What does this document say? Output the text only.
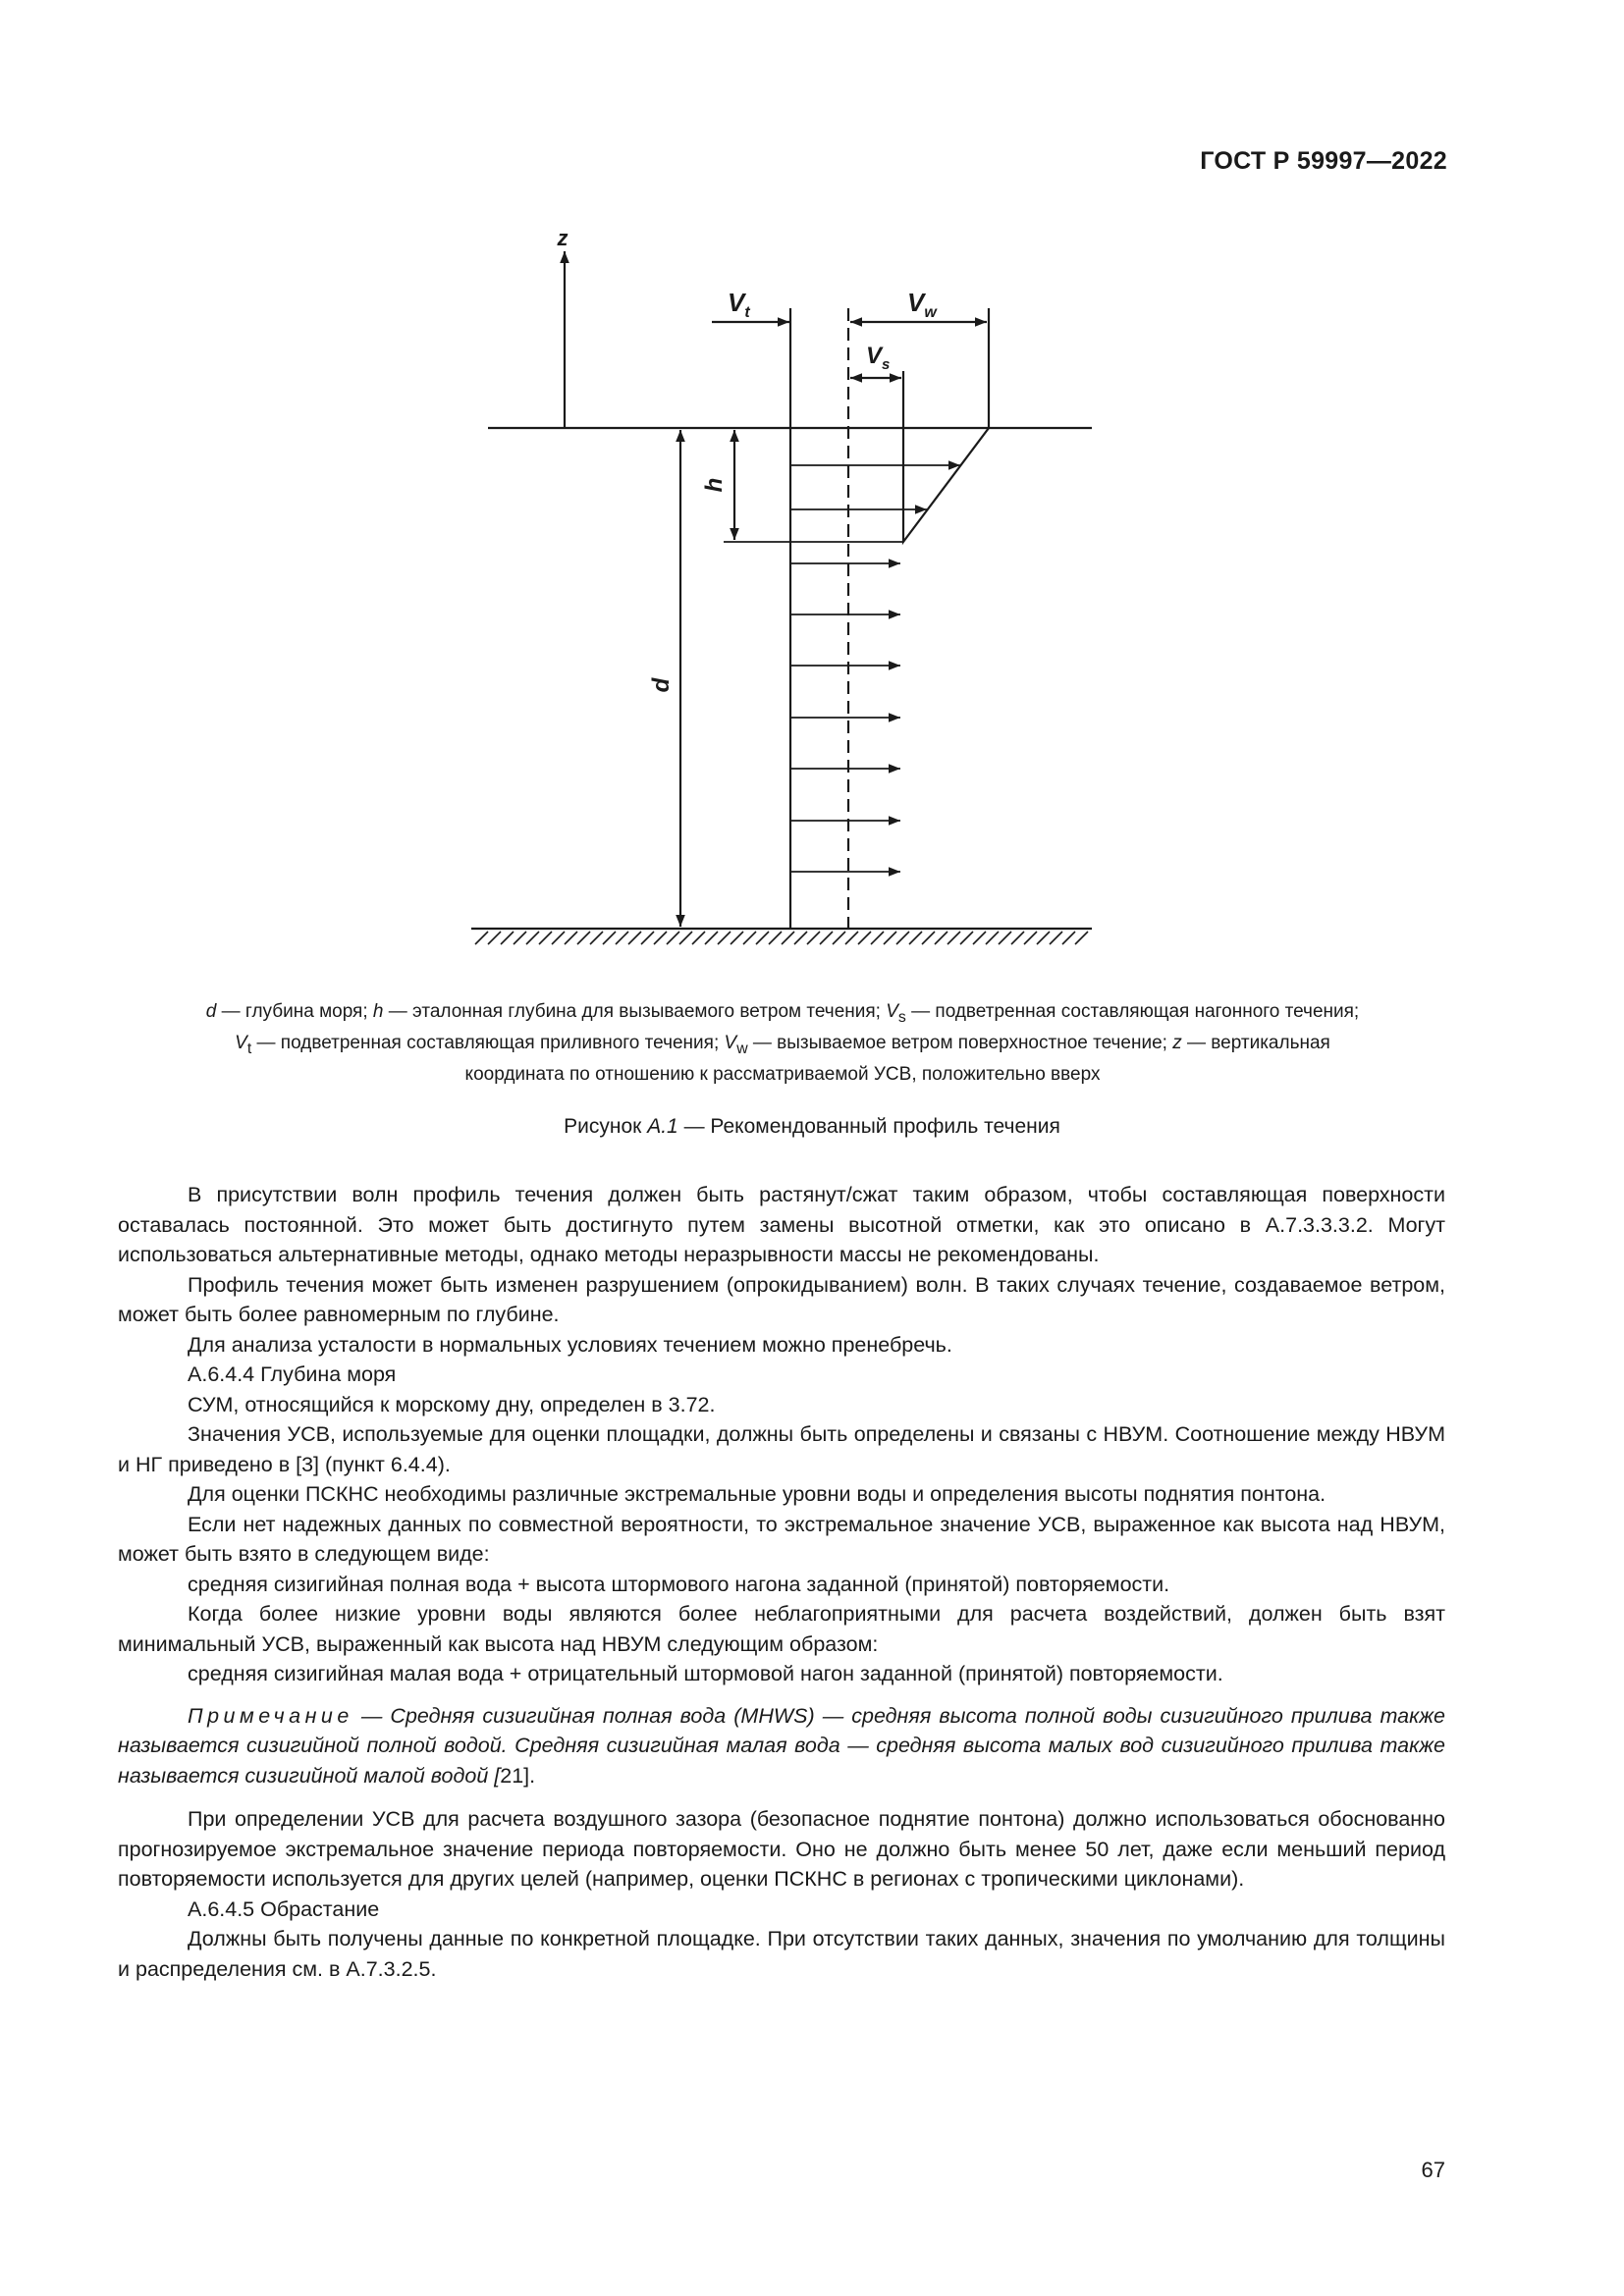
ГОСТ Р 59997—2022
z
$V_t$	$V_w$
$V_s$
h
d

d — глубина моря; h — эталонная глубина для вызываемого ветром течения; $V_s$ — подветренная составляющая нагонного течения;

$V_t$ — подветренная составляющая приливного течения; $V_w$ — вызываемое ветром поверхностное течение; z — вертикальная

координата по отношению к рассматриваемой УСВ, положительно вверх

Рисунок А.1 — Рекомендованный профиль течения

В присутствии волн профиль течения должен быть растянут/сжат таким образом, чтобы составляющая поверхности оставалась постоянной. Это может быть достигнуто путем замены высотной отметки, как это описано в А.7.3.3.3.2. Могут использоваться альтернативные методы, однако методы неразрывности массы не рекомендованы.

Профиль течения может быть изменен разрушением (опрокидыванием) волн. В таких случаях течение, создаваемое ветром, может быть более равномерным по глубине.

Для анализа усталости в нормальных условиях течением можно пренебречь.

А.6.4.4 Глубина моря

СУМ, относящийся к морскому дну, определен в 3.72.

Значения УСВ, используемые для оценки площадки, должны быть определены и связаны с НВУМ. Соотношение между НВУМ и НГ приведено в [3] (пункт 6.4.4).

Для оценки ПСКНС необходимы различные экстремальные уровни воды и определения высоты поднятия понтона.

Если нет надежных данных по совместной вероятности, то экстремальное значение УСВ, выраженное как высота над НВУМ, может быть взято в следующем виде:

средняя сизигийная полная вода + высота штормового нагона заданной (принятой) повторяемости.

Когда более низкие уровни воды являются более неблагоприятными для расчета воздействий, должен быть взят минимальный УСВ, выраженный как высота над НВУМ следующим образом:

средняя сизигийная малая вода + отрицательный штормовой нагон заданной (принятой) повторяемости.

Примечание — Средняя сизигийная полная вода (MHWS) — средняя высота полной воды сизигийного прилива также называется сизигийной полной водой. Средняя сизигийная малая вода — средняя высота малых вод сизигийного прилива также называется сизигийной малой водой [21].

При определении УСВ для расчета воздушного зазора (безопасное поднятие понтона) должно использоваться обоснованно прогнозируемое экстремальное значение периода повторяемости. Оно не должно быть менее 50 лет, даже если меньший период повторяемости используется для других целей (например, оценки ПСКНС в регионах с тропическими циклонами).

А.6.4.5 Обрастание

Должны быть получены данные по конкретной площадке. При отсутствии таких данных, значения по умолчанию для толщины и распределения см. в А.7.3.2.5.

67
